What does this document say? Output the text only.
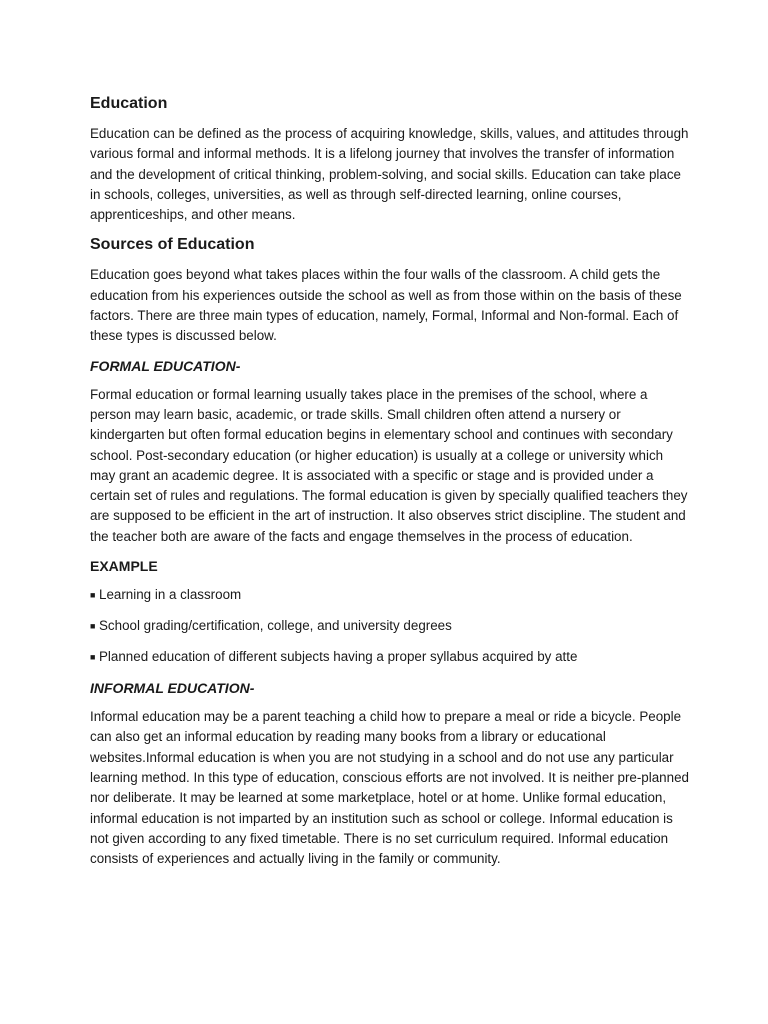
Education

Education can be defined as the process of acquiring knowledge, skills, values, and attitudes through various formal and informal methods. It is a lifelong journey that involves the transfer of information and the development of critical thinking, problem-solving, and social skills. Education can take place in schools, colleges, universities, as well as through self-directed learning, online courses, apprenticeships, and other means.

Sources of Education

Education goes beyond what takes places within the four walls of the classroom. A child gets the education from his experiences outside the school as well as from those within on the basis of these factors. There are three main types of education, namely, Formal, Informal and Non-formal. Each of these types is discussed below.

FORMAL EDUCATION-

Formal education or formal learning usually takes place in the premises of the school, where a person may learn basic, academic, or trade skills. Small children often attend a nursery or kindergarten but often formal education begins in elementary school and continues with secondary school. Post-secondary education (or higher education) is usually at a college or university which may grant an academic degree. It is associated with a specific or stage and is provided under a certain set of rules and regulations. The formal education is given by specially qualified teachers they are supposed to be efficient in the art of instruction. It also observes strict discipline. The student and the teacher both are aware of the facts and engage themselves in the process of education.

EXAMPLE
■ Learning in a classroom
■ School grading/certification, college, and university degrees
■ Planned education of different subjects having a proper syllabus acquired by atte
INFORMAL EDUCATION-

Informal education may be a parent teaching a child how to prepare a meal or ride a bicycle. People can also get an informal education by reading many books from a library or educational websites.Informal education is when you are not studying in a school and do not use any particular learning method. In this type of education, conscious efforts are not involved. It is neither pre-planned nor deliberate. It may be learned at some marketplace, hotel or at home. Unlike formal education, informal education is not imparted by an institution such as school or college. Informal education is not given according to any fixed timetable. There is no set curriculum required. Informal education consists of experiences and actually living in the family or community.
